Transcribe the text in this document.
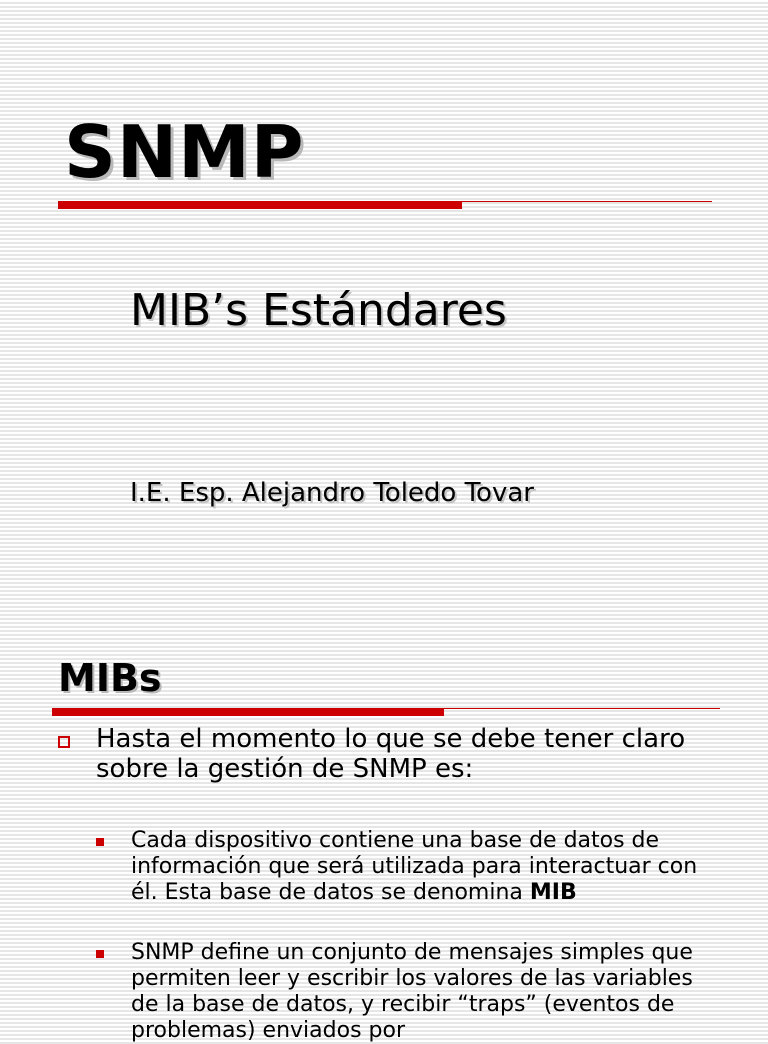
SNMP
MIB’s Estándares
I.E. Esp. Alejandro Toledo Tovar
MIBs
Hasta el momento lo que se debe tener claro sobre la gestión de SNMP es:
Cada dispositivo contiene una base de datos de información que será utilizada para interactuar con él. Esta base de datos se denomina MIB
SNMP define un conjunto de mensajes simples que permiten leer y escribir los valores de las variables de la base de datos, y recibir “traps” (eventos de problemas) enviados por
